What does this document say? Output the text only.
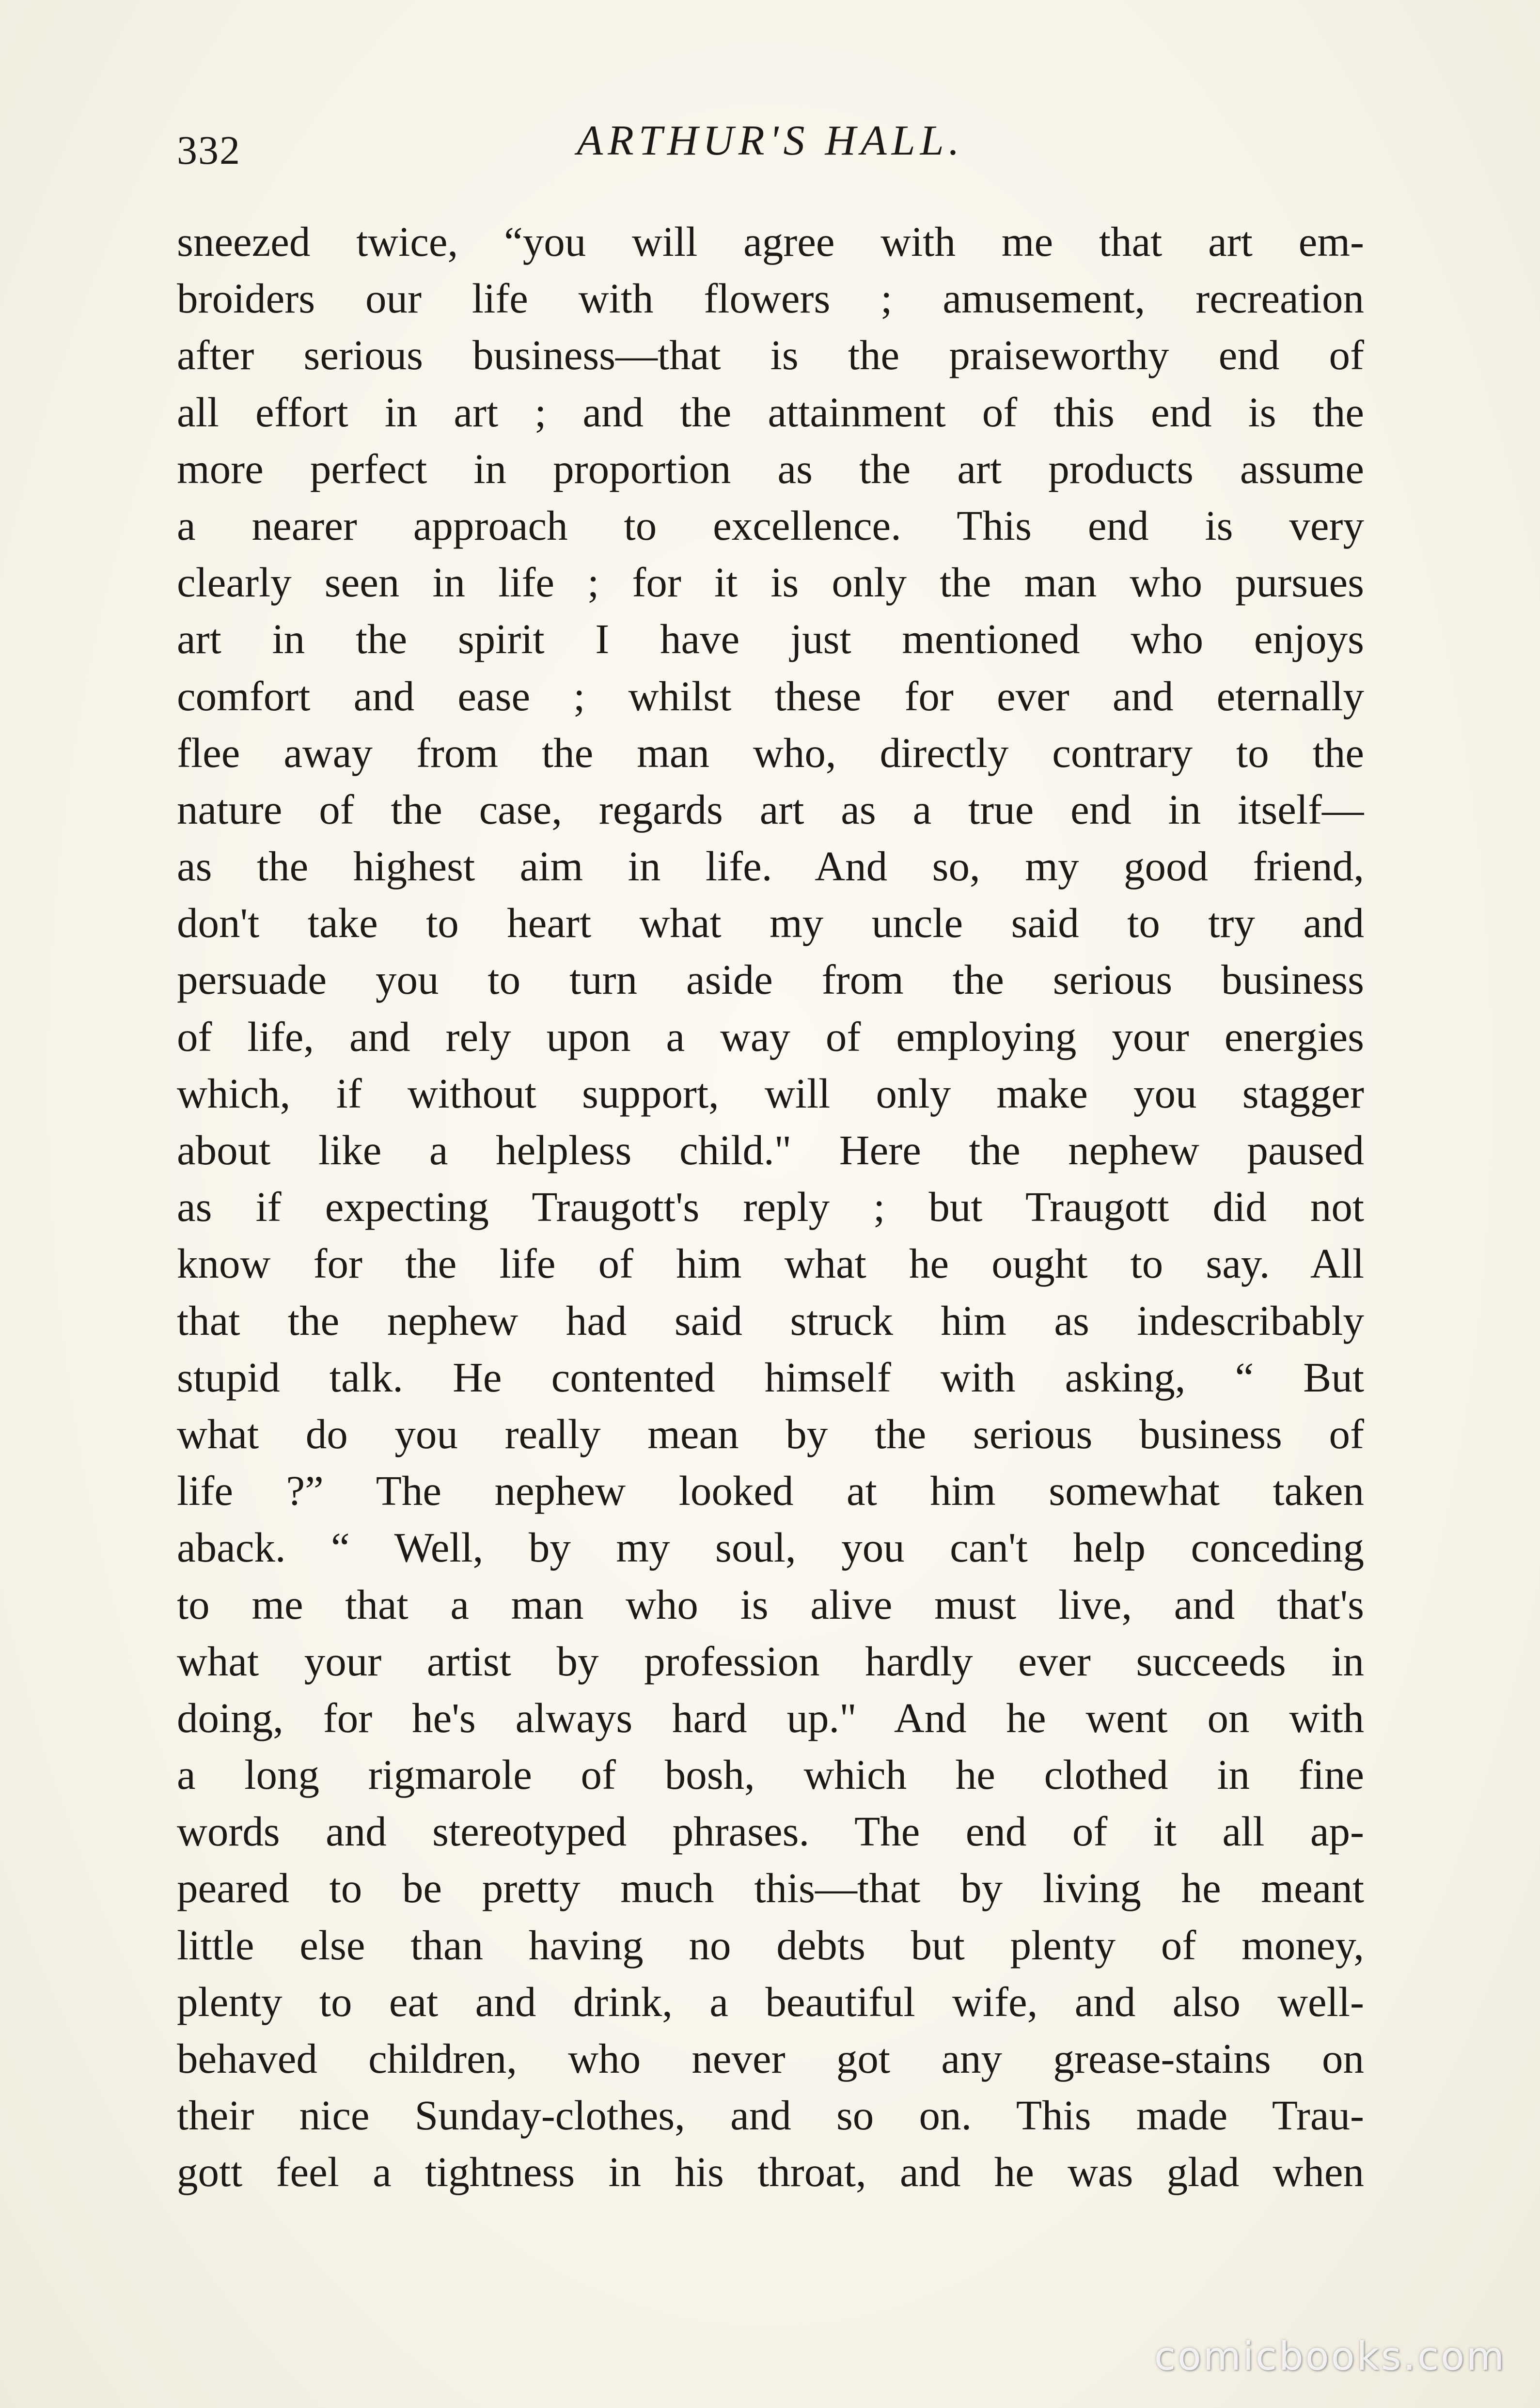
332	ARTHUR'S HALL.
sneezed twice, “you will agree with me that art em-
broiders our life with flowers ; amusement, recreation
after serious business—that is the praiseworthy end of
all effort in art ; and the attainment of this end is the
more perfect in proportion as the art products assume
a nearer approach to excellence. This end is very
clearly seen in life ; for it is only the man who pursues
art in the spirit I have just mentioned who enjoys
comfort and ease ; whilst these for ever and eternally
flee away from the man who, directly contrary to the
nature of the case, regards art as a true end in itself—
as the highest aim in life. And so, my good friend,
don't take to heart what my uncle said to try and
persuade you to turn aside from the serious business
of life, and rely upon a way of employing your energies
which, if without support, will only make you stagger
about like a helpless child." Here the nephew paused
as if expecting Traugott's reply ; but Traugott did not
know for the life of him what he ought to say. All
that the nephew had said struck him as indescribably
stupid talk. He contented himself with asking, “ But
what do you really mean by the serious business of
life ?” The nephew looked at him somewhat taken
aback. “ Well, by my soul, you can't help conceding
to me that a man who is alive must live, and that's
what your artist by profession hardly ever succeeds in
doing, for he's always hard up." And he went on with
a long rigmarole of bosh, which he clothed in fine
words and stereotyped phrases. The end of it all ap-
peared to be pretty much this—that by living he meant
little else than having no debts but plenty of money,
plenty to eat and drink, a beautiful wife, and also well-
behaved children, who never got any grease-stains on
their nice Sunday-clothes, and so on. This made Trau-
gott feel a tightness in his throat, and he was glad when
comicbooks.com
